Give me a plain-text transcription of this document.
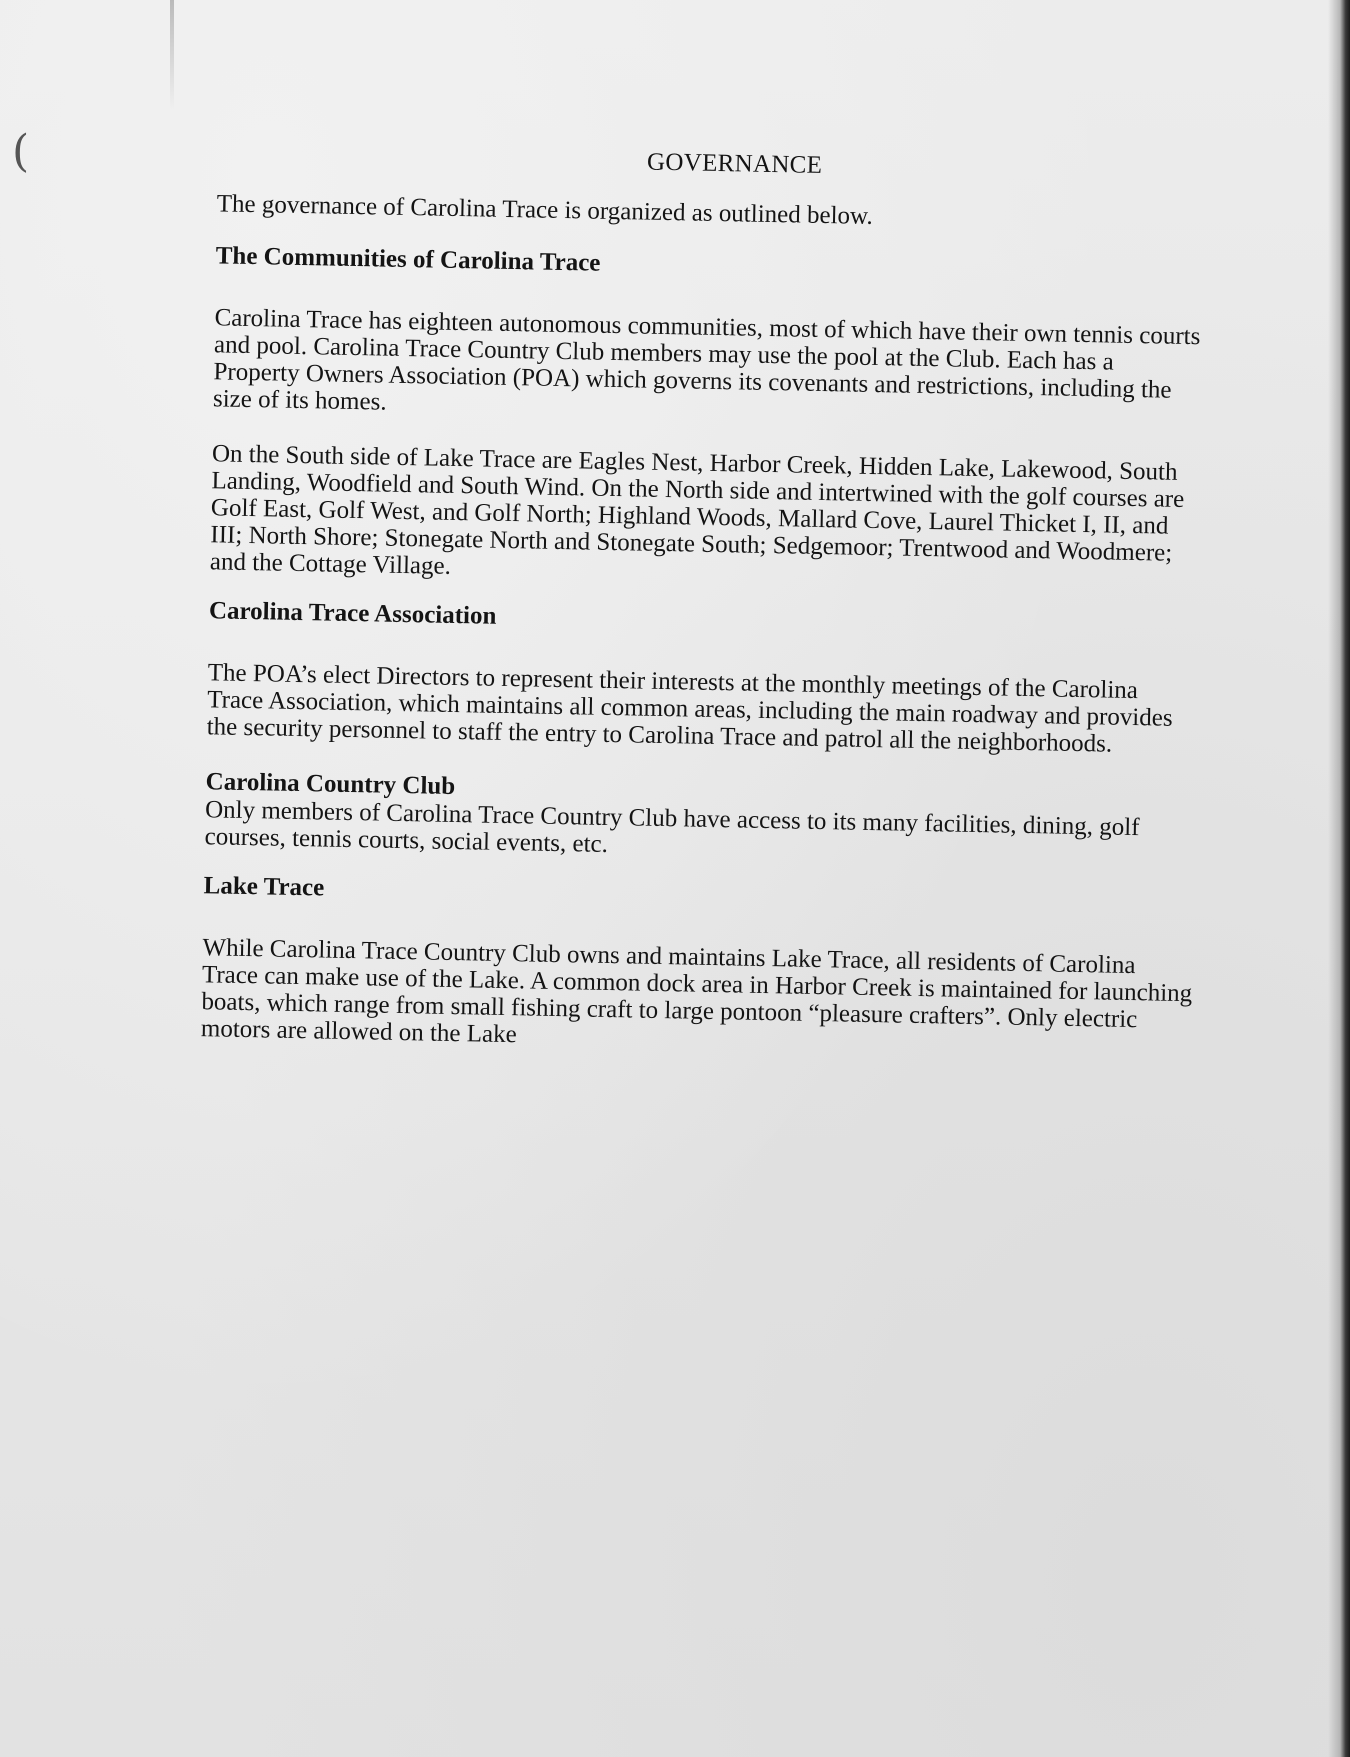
(	GOVERNANCE
The governance of Carolina Trace is organized as outlined below.
The Communities of Carolina Trace

Carolina Trace has eighteen autonomous communities, most of which have their own tennis courts and pool. Carolina Trace Country Club members may use the pool at the Club. Each has a Property Owners Association (POA) which governs its covenants and restrictions, including the size of its homes.

On the South side of Lake Trace are Eagles Nest, Harbor Creek, Hidden Lake, Lakewood, South Landing, Woodfield and South Wind. On the North side and intertwined with the golf courses are Golf East, Golf West, and Golf North; Highland Woods, Mallard Cove, Laurel Thicket I, II, and III; North Shore; Stonegate North and Stonegate South; Sedgemoor; Trentwood and Woodmere; and the Cottage Village.

Carolina Trace Association

The POA’s elect Directors to represent their interests at the monthly meetings of the Carolina Trace Association, which maintains all common areas, including the main roadway and provides the security personnel to staff the entry to Carolina Trace and patrol all the neighborhoods.

Carolina Country Club

Only members of Carolina Trace Country Club have access to its many facilities, dining, golf courses, tennis courts, social events, etc.

Lake Trace

While Carolina Trace Country Club owns and maintains Lake Trace, all residents of Carolina Trace can make use of the Lake. A common dock area in Harbor Creek is maintained for launching boats, which range from small fishing craft to large pontoon “pleasure crafters”. Only electric motors are allowed on the Lake
